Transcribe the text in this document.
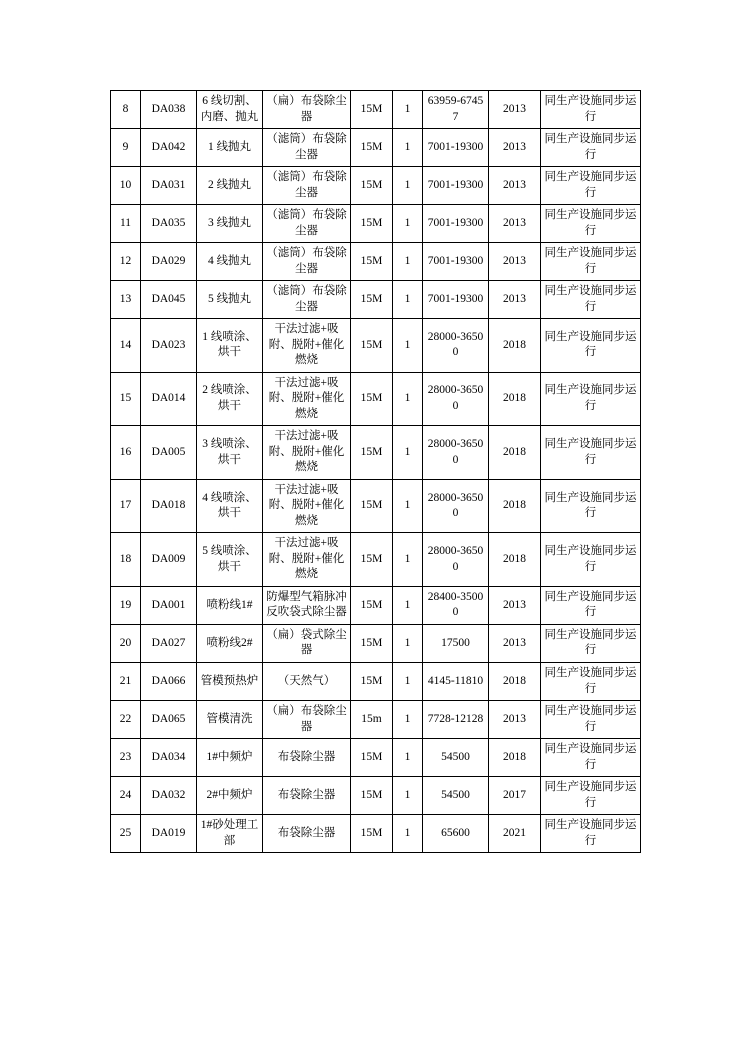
8	DA038	6 线切割、内磨、抛丸	（扁）布袋除尘器	15M	1	63959-67457	2013	同生产设施同步运行
9	DA042	1 线抛丸	（滤筒）布袋除尘器	15M	1	7001-19300	2013	同生产设施同步运行
10	DA031	2 线抛丸	（滤筒）布袋除尘器	15M	1	7001-19300	2013	同生产设施同步运行
11	DA035	3 线抛丸	（滤筒）布袋除尘器	15M	1	7001-19300	2013	同生产设施同步运行
12	DA029	4 线抛丸	（滤筒）布袋除尘器	15M	1	7001-19300	2013	同生产设施同步运行
13	DA045	5 线抛丸	（滤筒）布袋除尘器	15M	1	7001-19300	2013	同生产设施同步运行
14	DA023	1 线喷涂、烘干	干法过滤+吸附、脱附+催化燃烧	15M	1	28000-36500	2018	同生产设施同步运行
15	DA014	2 线喷涂、烘干	干法过滤+吸附、脱附+催化燃烧	15M	1	28000-36500	2018	同生产设施同步运行
16	DA005	3 线喷涂、烘干	干法过滤+吸附、脱附+催化燃烧	15M	1	28000-36500	2018	同生产设施同步运行
17	DA018	4 线喷涂、烘干	干法过滤+吸附、脱附+催化燃烧	15M	1	28000-36500	2018	同生产设施同步运行
18	DA009	5 线喷涂、烘干	干法过滤+吸附、脱附+催化燃烧	15M	1	28000-36500	2018	同生产设施同步运行
19	DA001	喷粉线1#	防爆型气箱脉冲反吹袋式除尘器	15M	1	28400-35000	2013	同生产设施同步运行
20	DA027	喷粉线2#	（扁）袋式除尘器	15M	1	17500	2013	同生产设施同步运行
21	DA066	管模预热炉	（天然气）	15M	1	4145-11810	2018	同生产设施同步运行
22	DA065	管模清洗	（扁）布袋除尘器	15m	1	7728-12128	2013	同生产设施同步运行
23	DA034	1#中频炉	布袋除尘器	15M	1	54500	2018	同生产设施同步运行
24	DA032	2#中频炉	布袋除尘器	15M	1	54500	2017	同生产设施同步运行
25	DA019	1#砂处理工部	布袋除尘器	15M	1	65600	2021	同生产设施同步运行
